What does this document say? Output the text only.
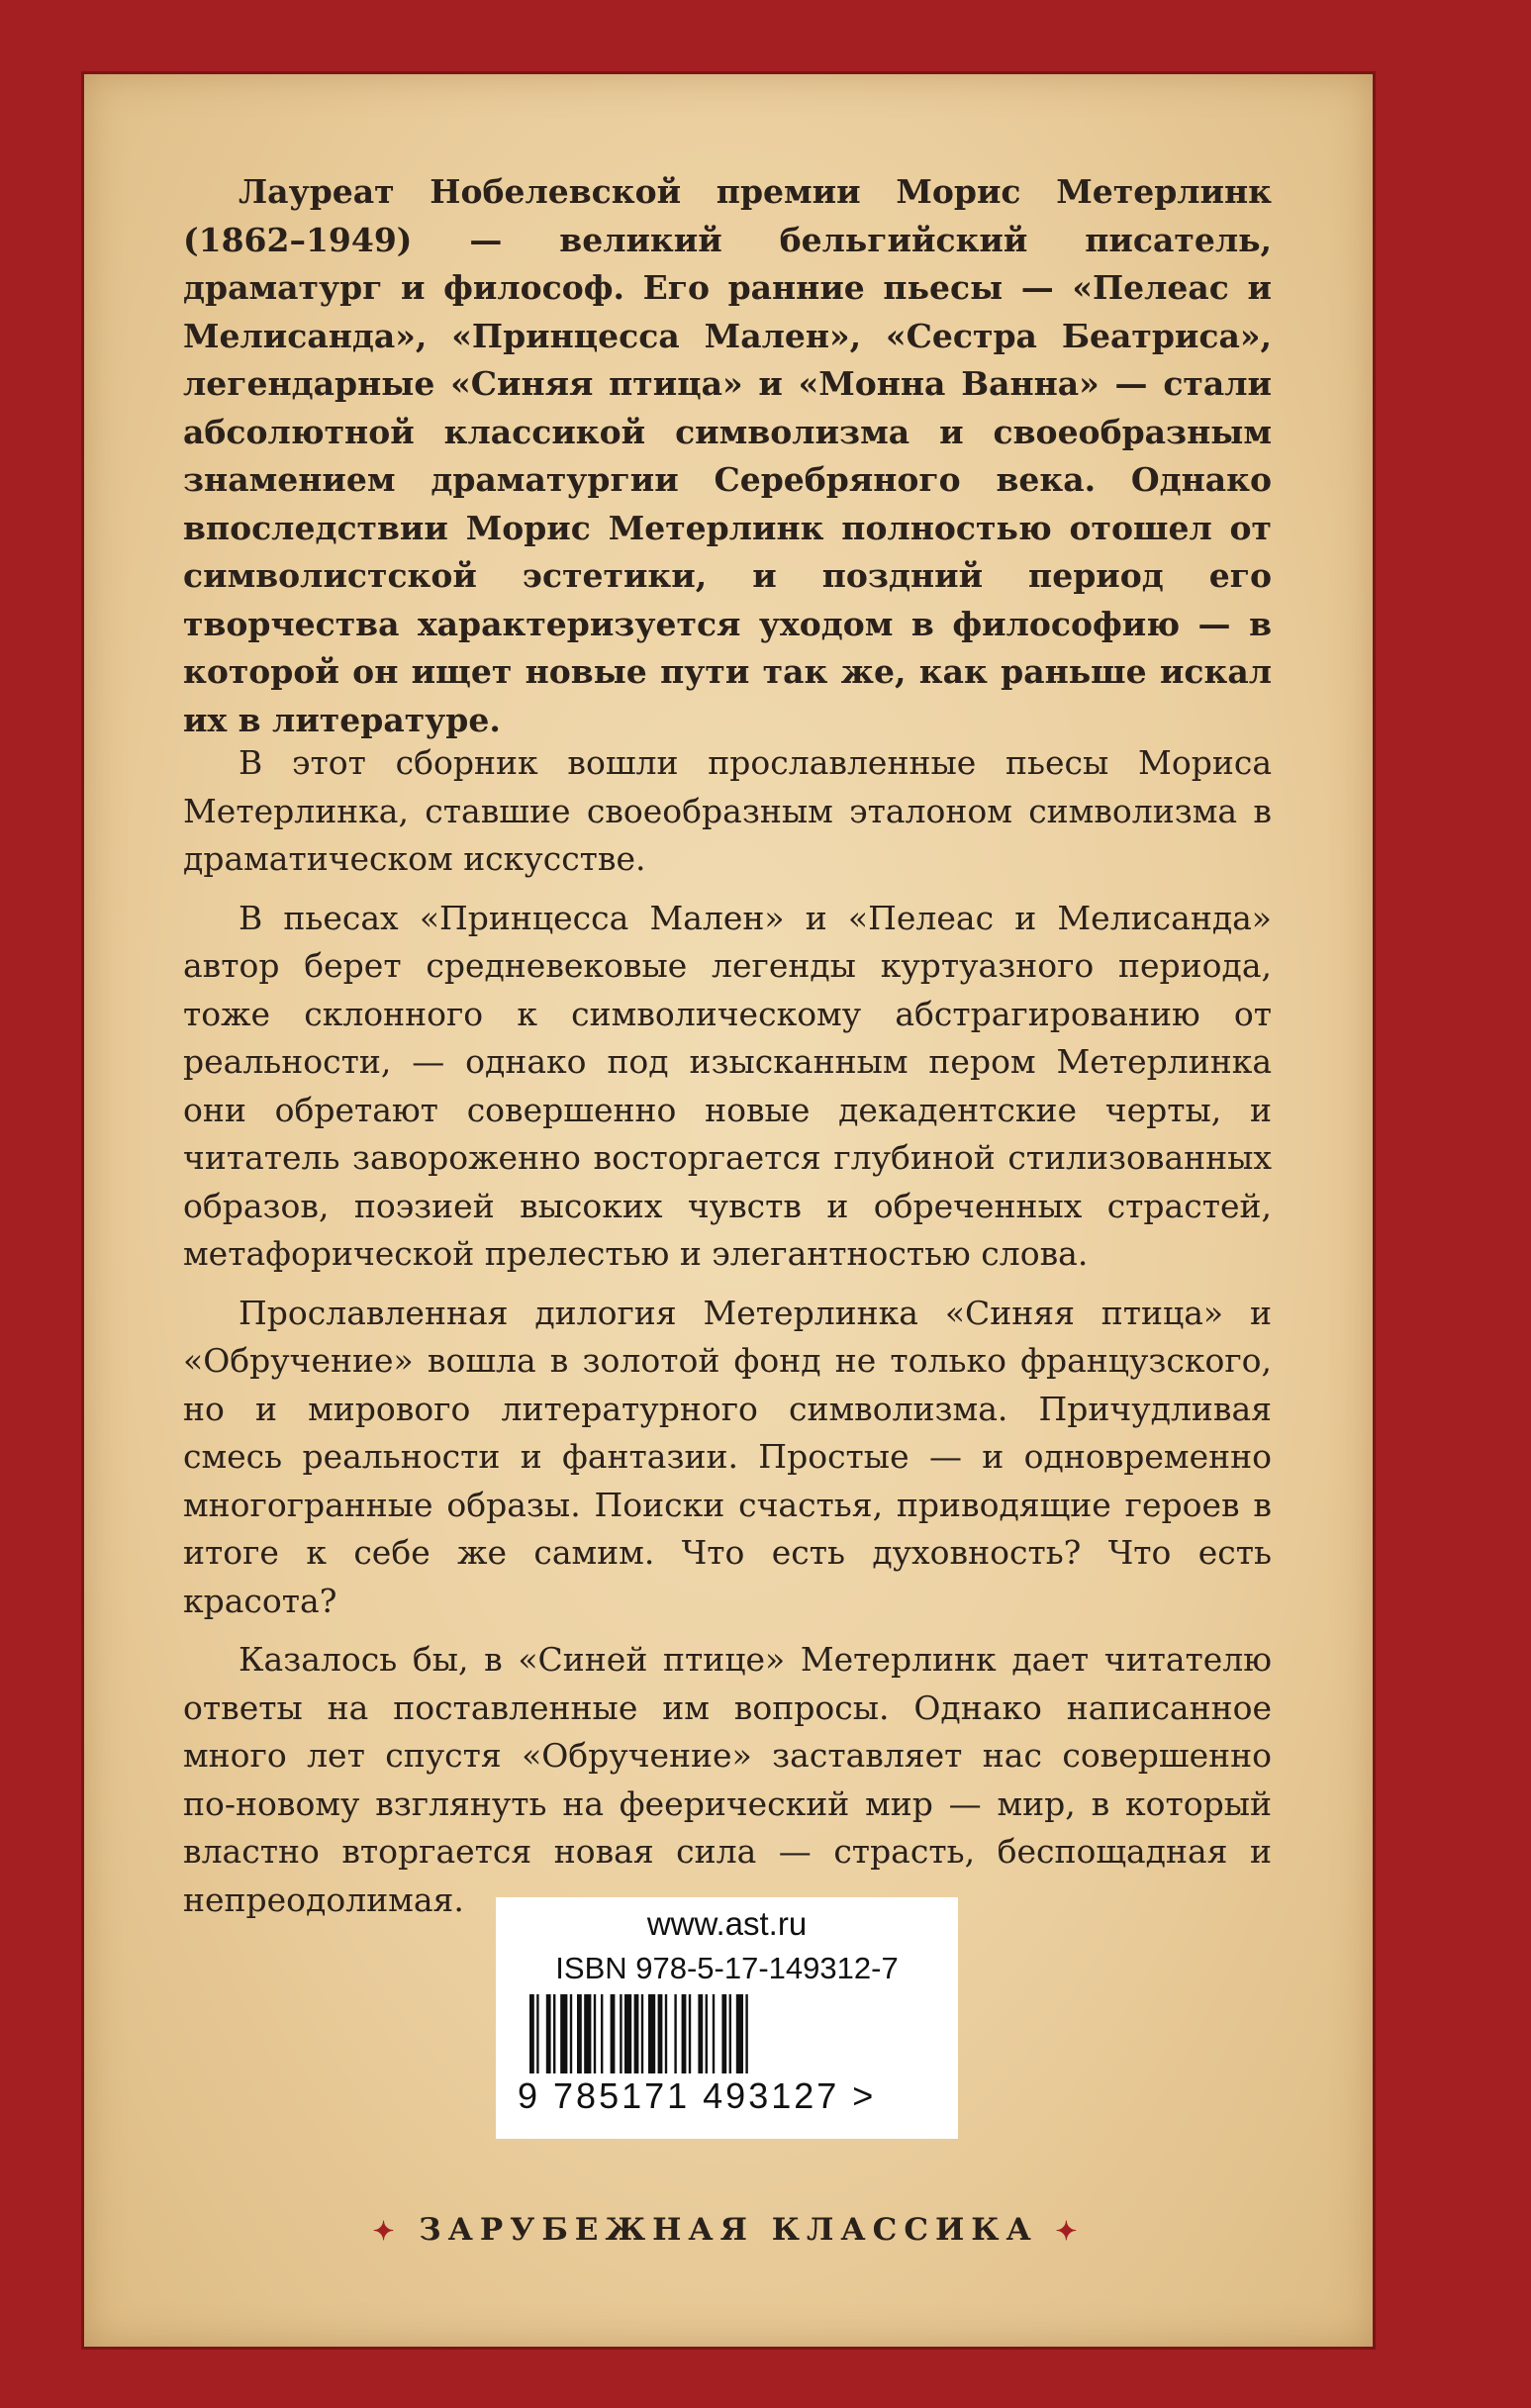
Лауреат Нобелевской премии Морис Метерлинк (1862–1949) — великий бельгийский писатель, драматург и философ. Его ранние пьесы — «Пелеас и Мелисанда», «Принцесса Мален», «Сестра Беатриса», легендарные «Синяя птица» и «Монна Ванна» — стали абсолютной классикой символизма и своеобразным знамением драматургии Серебряного века. Однако впоследствии Морис Метерлинк полностью отошел от символистской эстетики, и поздний период его творчества характеризуется уходом в философию — в которой он ищет новые пути так же, как раньше искал их в литературе.

В этот сборник вошли прославленные пьесы Мориса Метерлинка, ставшие своеобразным эталоном символизма в драматическом искусстве.

В пьесах «Принцесса Мален» и «Пелеас и Мелисанда» автор берет средневековые легенды куртуазного периода, тоже склонного к символическому абстрагированию от реальности, — однако под изысканным пером Метерлинка они обретают совершенно новые декадентские черты, и читатель завороженно восторгается глубиной стилизованных образов, поэзией высоких чувств и обреченных страстей, метафорической прелестью и элегантностью слова.

Прославленная дилогия Метерлинка «Синяя птица» и «Обручение» вошла в золотой фонд не только французского, но и мирового литературного символизма. Причудливая смесь реальности и фантазии. Простые — и одновременно многогранные образы. Поиски счастья, приводящие героев в итоге к себе же самим. Что есть духовность? Что есть красота?

Казалось бы, в «Синей птице» Метерлинк дает читателю ответы на поставленные им вопросы. Однако написанное много лет спустя «Обручение» заставляет нас совершенно по-новому взглянуть на феерический мир — мир, в который властно вторгается новая сила — страсть, беспощадная и непреодолимая.

www.ast.ru
ISBN 978-5-17-149312-7
9 785171 493127 >
✦ ЗАРУБЕЖНАЯ КЛАССИКА ✦
